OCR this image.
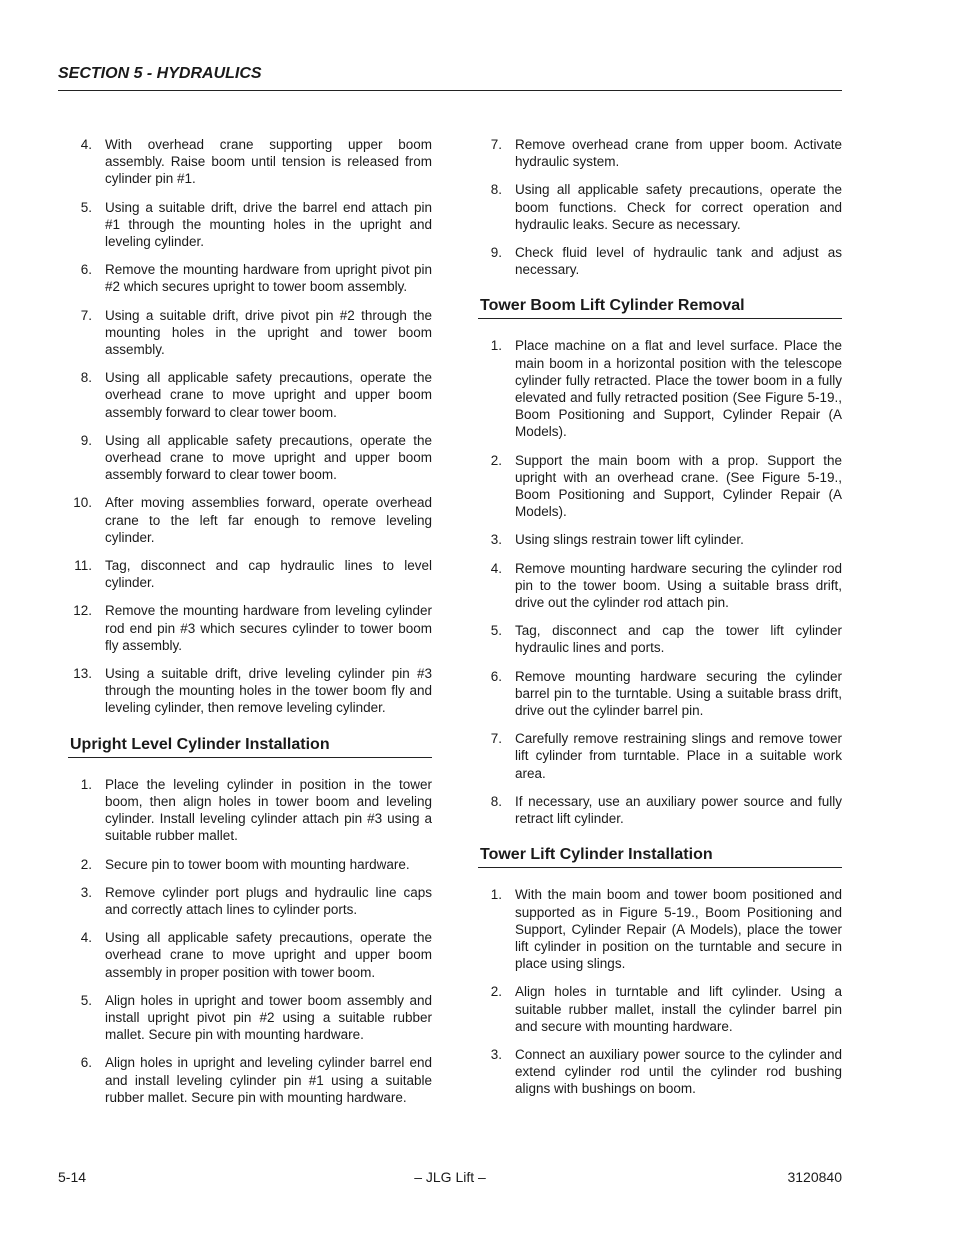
SECTION 5 - HYDRAULICS
4. With overhead crane supporting upper boom assembly. Raise boom until tension is released from cylinder pin #1.
5. Using a suitable drift, drive the barrel end attach pin #1 through the mounting holes in the upright and leveling cylinder.
6. Remove the mounting hardware from upright pivot pin #2 which secures upright to tower boom assembly.
7. Using a suitable drift, drive pivot pin #2 through the mounting holes in the upright and tower boom assembly.
8. Using all applicable safety precautions, operate the overhead crane to move upright and upper boom assembly forward to clear tower boom.
9. Using all applicable safety precautions, operate the overhead crane to move upright and upper boom assembly forward to clear tower boom.
10. After moving assemblies forward, operate overhead crane to the left far enough to remove leveling cylinder.
11. Tag, disconnect and cap hydraulic lines to level cylinder.
12. Remove the mounting hardware from leveling cylinder rod end pin #3 which secures cylinder to tower boom fly assembly.
13. Using a suitable drift, drive leveling cylinder pin #3 through the mounting holes in the tower boom fly and leveling cylinder, then remove leveling cylinder.
Upright Level Cylinder Installation
1. Place the leveling cylinder in position in the tower boom, then align holes in tower boom and leveling cylinder. Install leveling cylinder attach pin #3 using a suitable rubber mallet.
2. Secure pin to tower boom with mounting hardware.
3. Remove cylinder port plugs and hydraulic line caps and correctly attach lines to cylinder ports.
4. Using all applicable safety precautions, operate the overhead crane to move upright and upper boom assembly in proper position with tower boom.
5. Align holes in upright and tower boom assembly and install upright pivot pin #2 using a suitable rubber mallet. Secure pin with mounting hardware.
6. Align holes in upright and leveling cylinder barrel end and install leveling cylinder pin #1 using a suitable rubber mallet. Secure pin with mounting hardware.
7. Remove overhead crane from upper boom. Activate hydraulic system.
8. Using all applicable safety precautions, operate the boom functions. Check for correct operation and hydraulic leaks. Secure as necessary.
9. Check fluid level of hydraulic tank and adjust as necessary.
Tower Boom Lift Cylinder Removal
1. Place machine on a flat and level surface. Place the main boom in a horizontal position with the telescope cylinder fully retracted. Place the tower boom in a fully elevated and fully retracted position (See Figure 5-19., Boom Positioning and Support, Cylinder Repair (A Models).
2. Support the main boom with a prop. Support the upright with an overhead crane. (See Figure 5-19., Boom Positioning and Support, Cylinder Repair (A Models).
3. Using slings restrain tower lift cylinder.
4. Remove mounting hardware securing the cylinder rod pin to the tower boom. Using a suitable brass drift, drive out the cylinder rod attach pin.
5. Tag, disconnect and cap the tower lift cylinder hydraulic lines and ports.
6. Remove mounting hardware securing the cylinder barrel pin to the turntable. Using a suitable brass drift, drive out the cylinder barrel pin.
7. Carefully remove restraining slings and remove tower lift cylinder from turntable. Place in a suitable work area.
8. If necessary, use an auxiliary power source and fully retract lift cylinder.
Tower Lift Cylinder Installation
1. With the main boom and tower boom positioned and supported as in Figure 5-19., Boom Positioning and Support, Cylinder Repair (A Models), place the tower lift cylinder in position on the turntable and secure in place using slings.
2. Align holes in turntable and lift cylinder. Using a suitable rubber mallet, install the cylinder barrel pin and secure with mounting hardware.
3. Connect an auxiliary power source to the cylinder and extend cylinder rod until the cylinder rod bushing aligns with bushings on boom.
5-14	– JLG Lift –	3120840
